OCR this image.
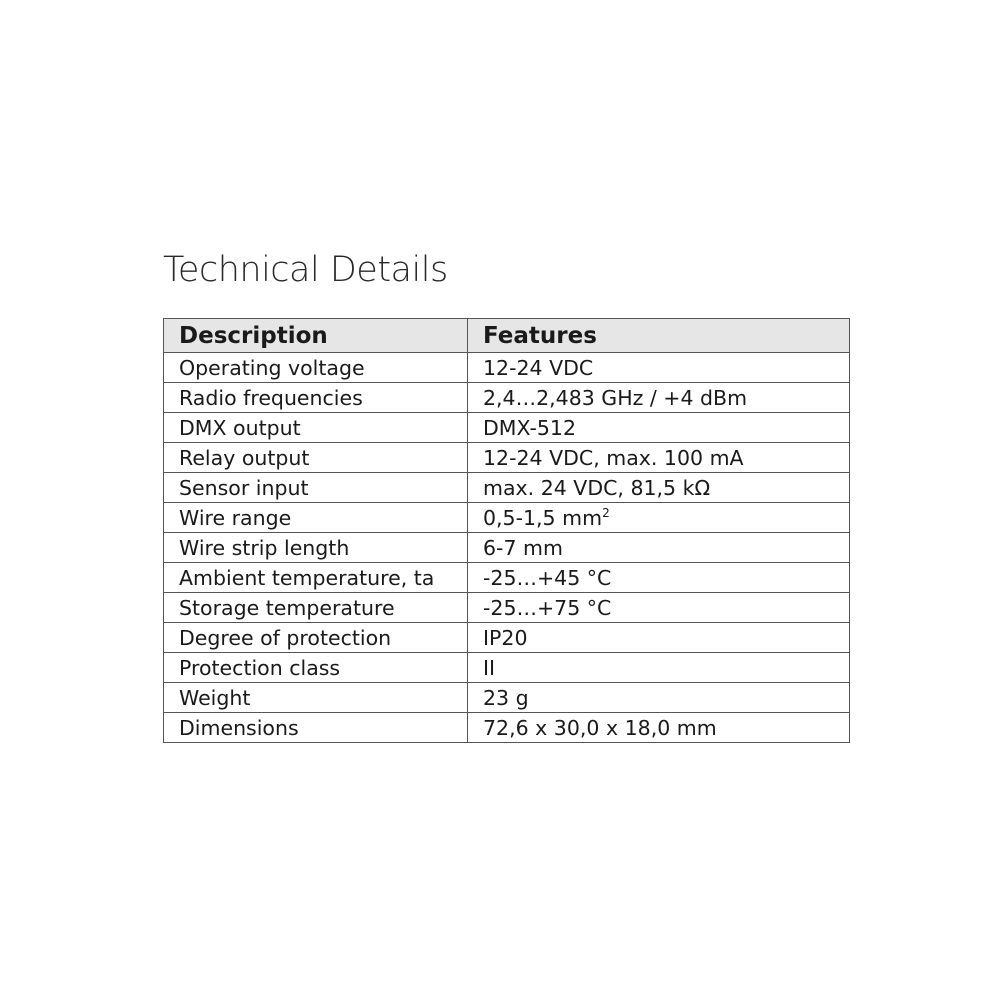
Technical Details
Description	Features
Operating voltage	12-24 VDC
Radio frequencies	2,4…2,483 GHz / +4 dBm
DMX output	DMX-512
Relay output	12-24 VDC, max. 100 mA
Sensor input	max. 24 VDC, 81,5 kΩ
Wire range	0,5-1,5 $mm^2$
Wire strip length	6-7 mm
Ambient temperature, ta	-25…+45 °C
Storage temperature	-25…+75 °C
Degree of protection	IP20
Protection class	II
Weight	23 g
Dimensions	72,6 x 30,0 x 18,0 mm
